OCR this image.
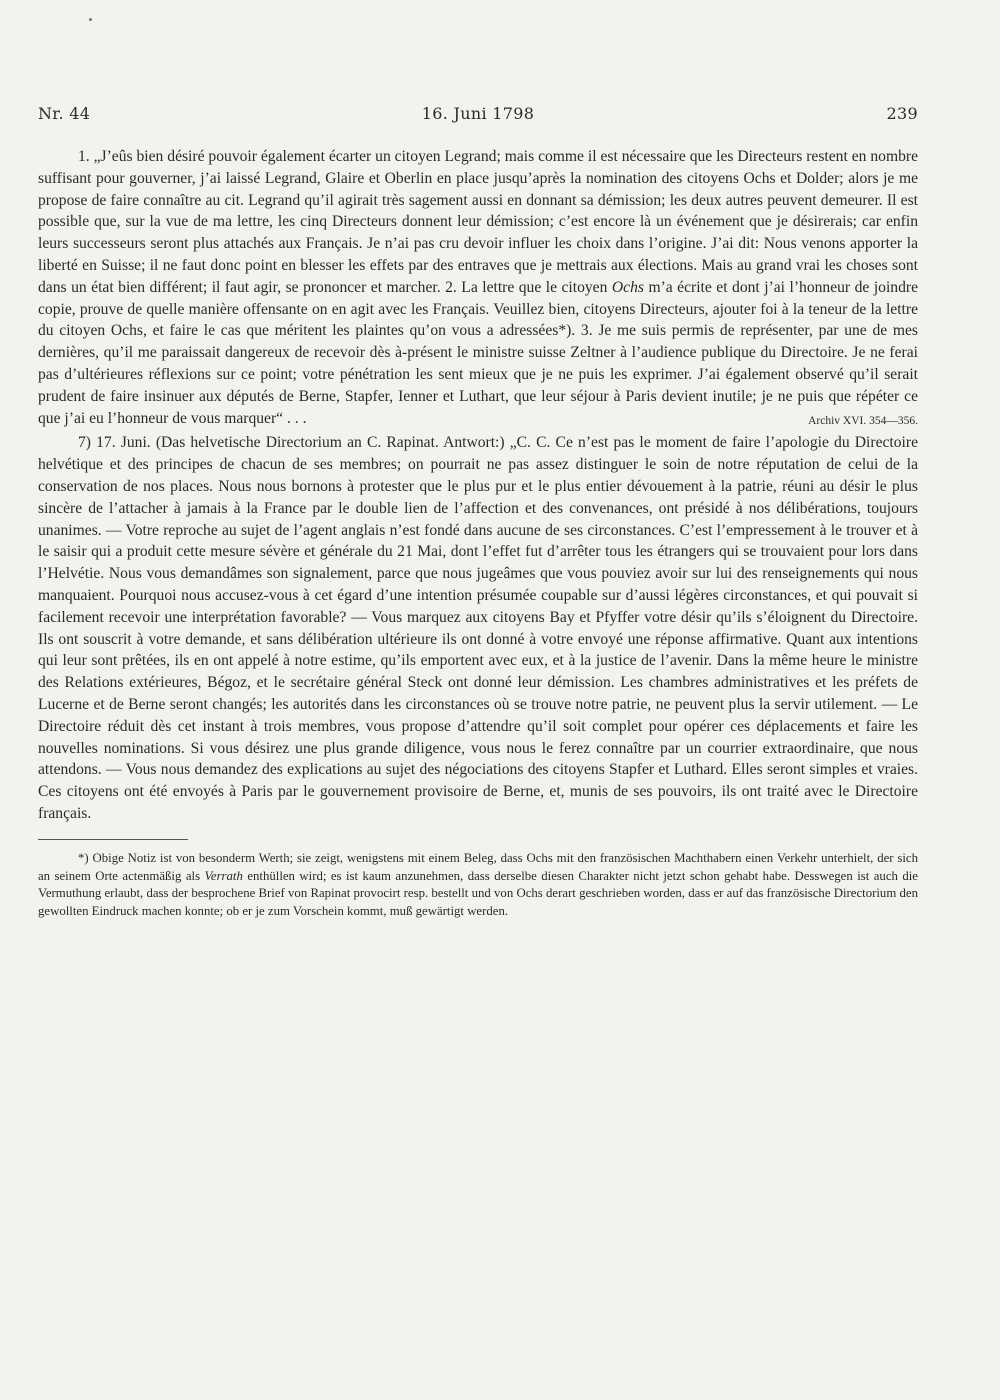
Nr. 44	16. Juni 1798	239

1. „J’eûs bien désiré pouvoir également écarter un citoyen Legrand; mais comme il est nécessaire que les Directeurs restent en nombre suffisant pour gouverner, j’ai laissé Legrand, Glaire et Oberlin en place jusqu’après la nomination des citoyens Ochs et Dolder; alors je me propose de faire connaître au cit. Legrand qu’il agirait très sagement aussi en donnant sa démission; les deux autres peuvent demeurer. Il est possible que, sur la vue de ma lettre, les cinq Directeurs donnent leur démission; c’est encore là un événement que je désirerais; car enfin leurs successeurs seront plus attachés aux Français. Je n’ai pas cru devoir influer les choix dans l’origine. J’ai dit: Nous venons apporter la liberté en Suisse; il ne faut donc point en blesser les effets par des entraves que je mettrais aux élections. Mais au grand vrai les choses sont dans un état bien différent; il faut agir, se prononcer et marcher. 2. La lettre que le citoyen Ochs m’a écrite et dont j’ai l’honneur de joindre copie, prouve de quelle manière offensante on en agit avec les Français. Veuillez bien, citoyens Directeurs, ajouter foi à la teneur de la lettre du citoyen Ochs, et faire le cas que méritent les plaintes qu’on vous a adressées*). 3. Je me suis permis de représenter, par une de mes dernières, qu’il me paraissait dangereux de recevoir dès à-présent le ministre suisse Zeltner à l’audience publique du Directoire. Je ne ferai pas d’ultérieures réflexions sur ce point; votre pénétration les sent mieux que je ne puis les exprimer. J’ai également observé qu’il serait prudent de faire insinuer aux députés de Berne, Stapfer, Ienner et Luthart, que leur séjour à Paris devient inutile; je ne puis que répéter ce que j’ai eu l’honneur de vous marquer“ . . .	Archiv XVI. 354—356.

7) 17. Juni. (Das helvetische Directorium an C. Rapinat. Antwort:) „C. C. Ce n’est pas le moment de faire l’apologie du Directoire helvétique et des principes de chacun de ses membres; on pourrait ne pas assez distinguer le soin de notre réputation de celui de la conservation de nos places. Nous nous bornons à protester que le plus pur et le plus entier dévouement à la patrie, réuni au désir le plus sincère de l’attacher à jamais à la France par le double lien de l’affection et des convenances, ont présidé à nos délibérations, toujours unanimes. — Votre reproche au sujet de l’agent anglais n’est fondé dans aucune de ses circonstances. C’est l’empressement à le trouver et à le saisir qui a produit cette mesure sévère et générale du 21 Mai, dont l’effet fut d’arrêter tous les étrangers qui se trouvaient pour lors dans l’Helvétie. Nous vous demandâmes son signalement, parce que nous jugeâmes que vous pouviez avoir sur lui des renseignements qui nous manquaient. Pourquoi nous accusez-vous à cet égard d’une intention présumée coupable sur d’aussi légères circonstances, et qui pouvait si facilement recevoir une interprétation favorable? — Vous marquez aux citoyens Bay et Pfyffer votre désir qu’ils s’éloignent du Directoire. Ils ont souscrit à votre demande, et sans délibération ultérieure ils ont donné à votre envoyé une réponse affirmative. Quant aux intentions qui leur sont prêtées, ils en ont appelé à notre estime, qu’ils emportent avec eux, et à la justice de l’avenir. Dans la même heure le ministre des Relations extérieures, Bégoz, et le secrétaire général Steck ont donné leur démission. Les chambres administratives et les préfets de Lucerne et de Berne seront changés; les autorités dans les circonstances où se trouve notre patrie, ne peuvent plus la servir utilement. — Le Directoire réduit dès cet instant à trois membres, vous propose d’attendre qu’il soit complet pour opérer ces déplacements et faire les nouvelles nominations. Si vous désirez une plus grande diligence, vous nous le ferez connaître par un courrier extraordinaire, que nous attendons. — Vous nous demandez des explications au sujet des négociations des citoyens Stapfer et Luthard. Elles seront simples et vraies. Ces citoyens ont été envoyés à Paris par le gouvernement provisoire de Berne, et, munis de ses pouvoirs, ils ont traité avec le Directoire français.

*) Obige Notiz ist von besonderm Werth; sie zeigt, wenigstens mit einem Beleg, dass Ochs mit den französischen Machthabern einen Verkehr unterhielt, der sich an seinem Orte actenmäßig als Verrath enthüllen wird; es ist kaum anzunehmen, dass derselbe diesen Charakter nicht jetzt schon gehabt habe. Desswegen ist auch die Vermuthung erlaubt, dass der besprochene Brief von Rapinat provocirt resp. bestellt und von Ochs derart geschrieben worden, dass er auf das französische Directorium den gewollten Eindruck machen konnte; ob er je zum Vorschein kommt, muß gewärtigt werden.
